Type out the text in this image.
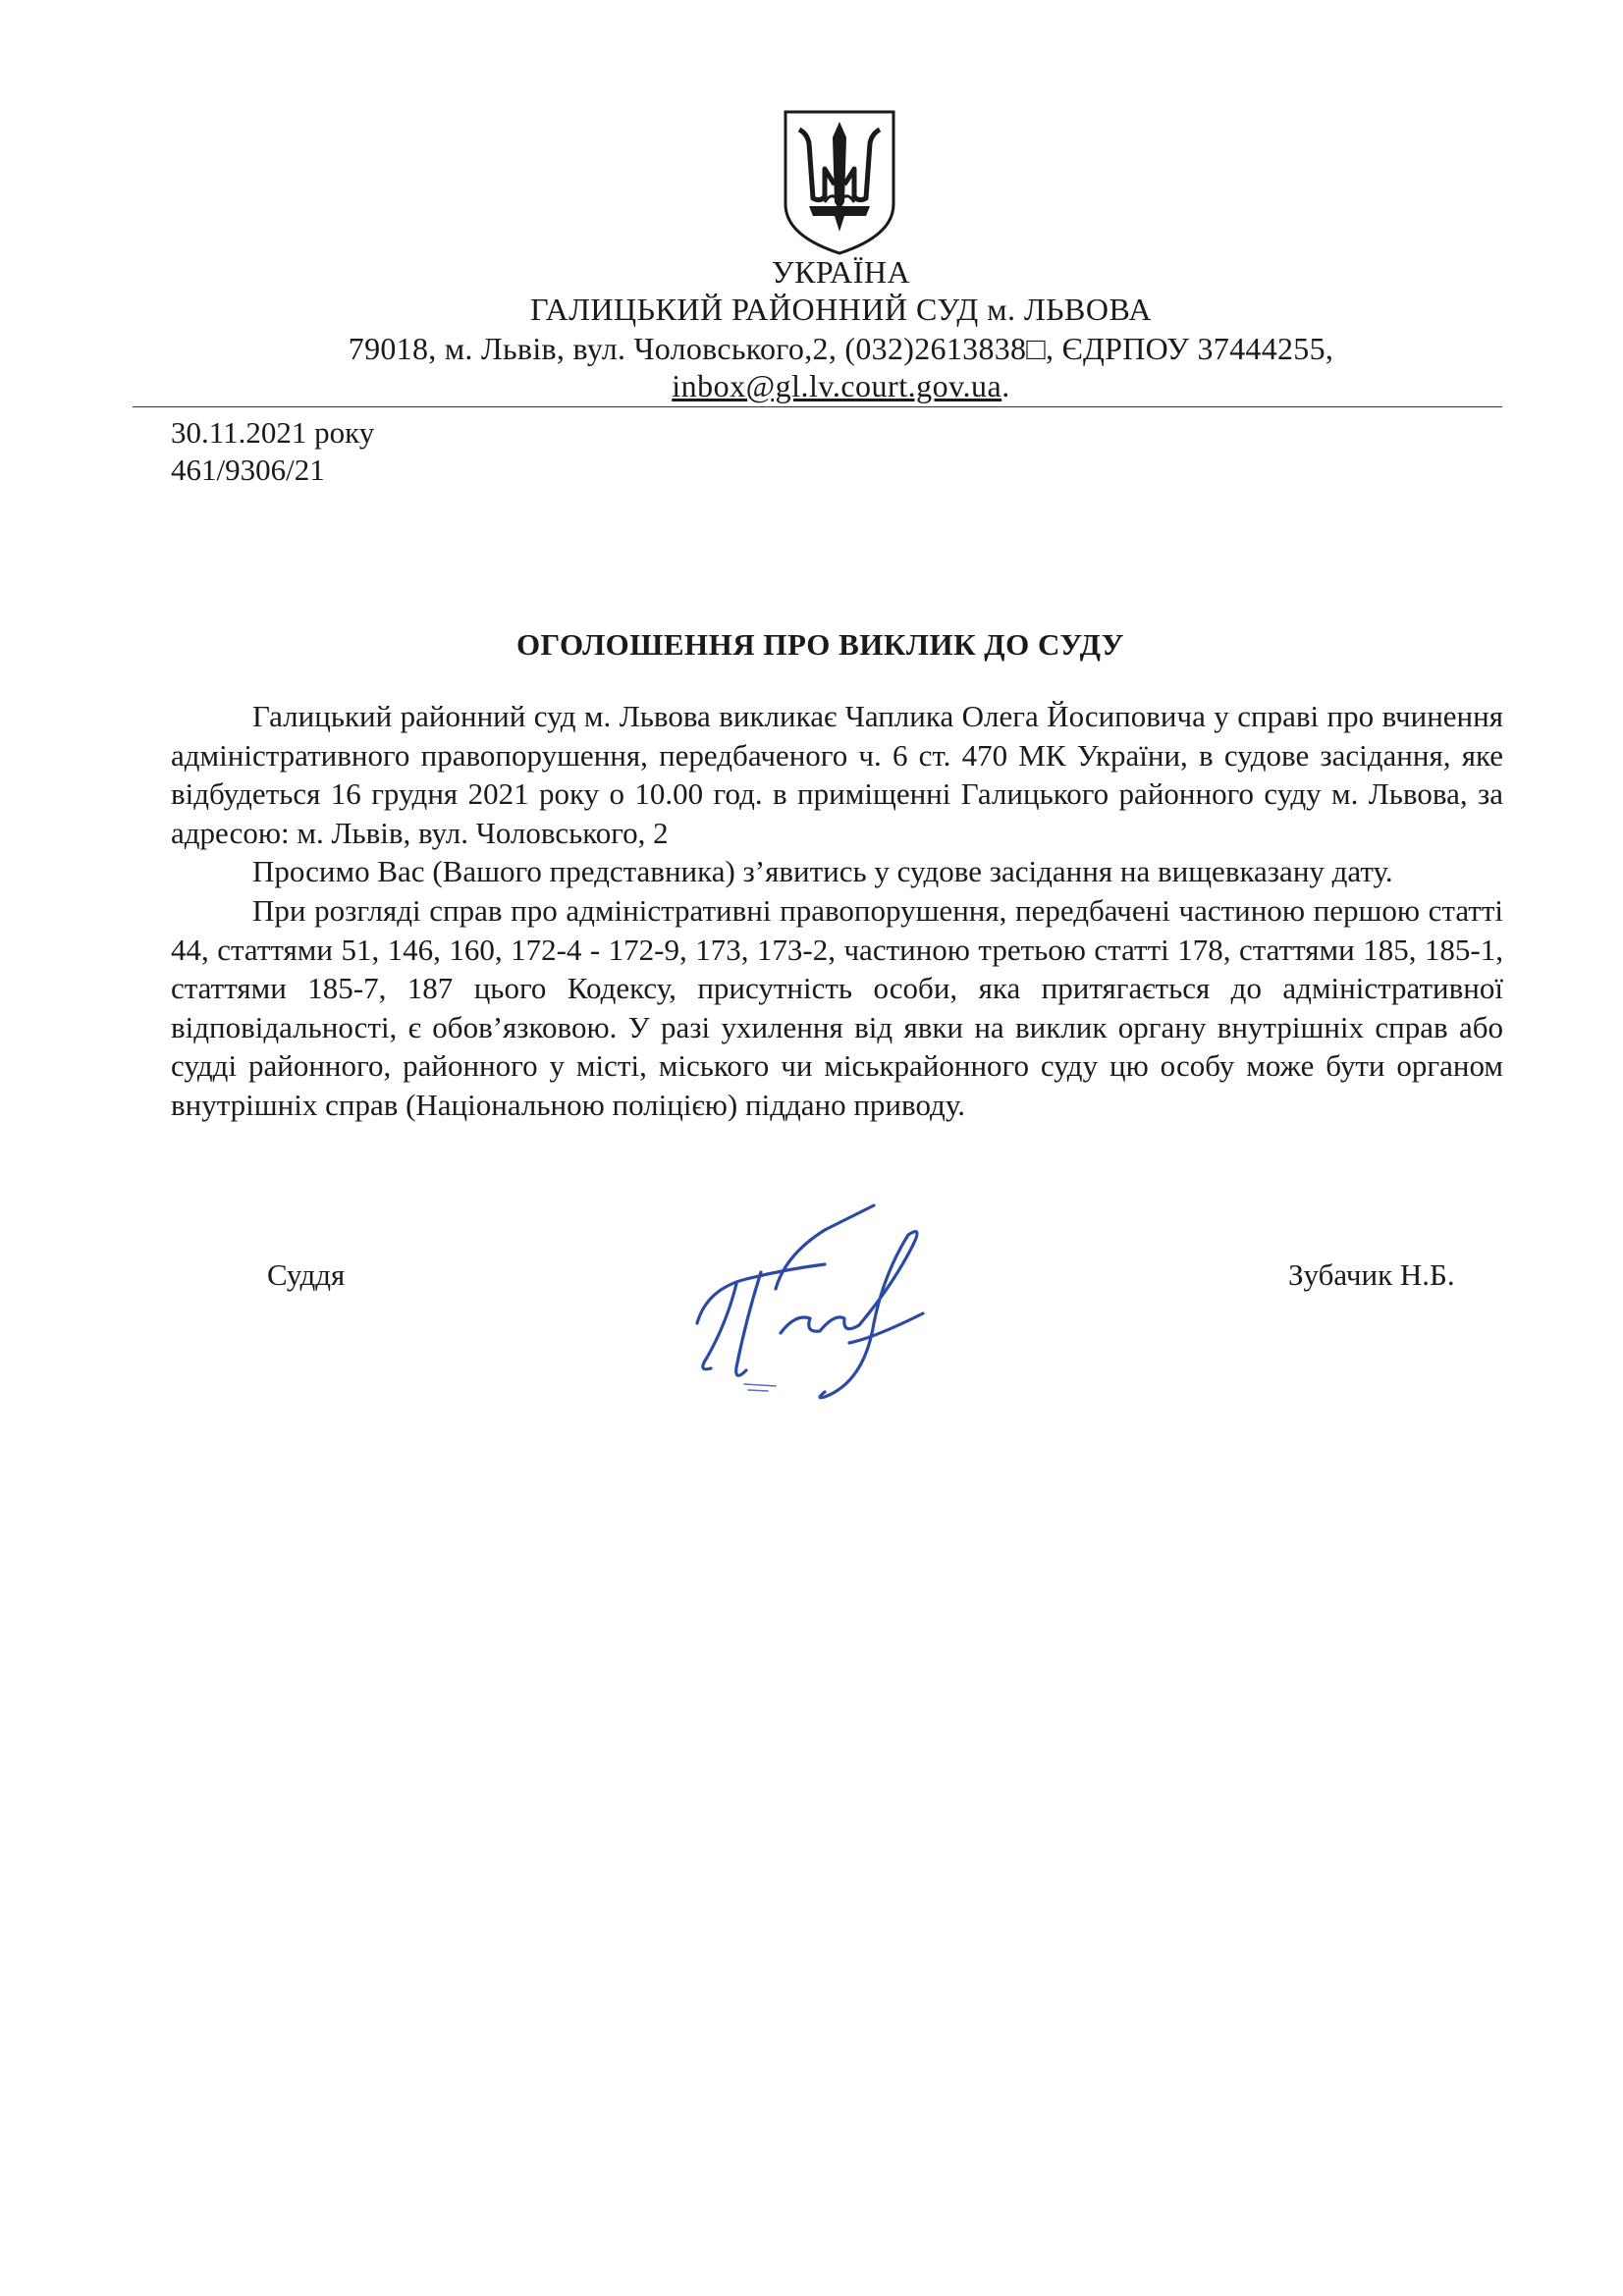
УКРАЇНА
ГАЛИЦЬКИЙ РАЙОННИЙ СУД м. ЛЬВОВА
79018, м. Львів, вул. Чоловського,2, (032)2613838□, ЄДРПОУ 37444255,
inbox@gl.lv.court.gov.ua.
30.11.2021 року
461/9306/21
ОГОЛОШЕННЯ ПРО ВИКЛИК ДО СУДУ

Галицький районний суд м. Львова викликає Чаплика Олега Йосиповича у справі про вчинення адміністративного правопорушення, передбаченого ч. 6 ст. 470 МК України, в судове засідання, яке відбудеться 16 грудня 2021 року о 10.00 год. в приміщенні Галицького районного суду м. Львова, за адресою: м. Львів, вул. Чоловського, 2

Просимо Вас (Вашого представника) з’явитись у судове засідання на вищевказану дату.

При розгляді справ про адміністративні правопорушення, передбачені частиною першою статті 44, статтями 51, 146, 160, 172-4 - 172-9, 173, 173-2, частиною третьою статті 178, статтями 185, 185-1, статтями 185-7, 187 цього Кодексу, присутність особи, яка притягається до адміністративної відповідальності, є обов’язковою. У разі ухилення від явки на виклик органу внутрішніх справ або судді районного, районного у місті, міського чи міськрайонного суду цю особу може бути органом внутрішніх справ (Національною поліцією) піддано приводу.

Суддя	Зубачик Н.Б.
